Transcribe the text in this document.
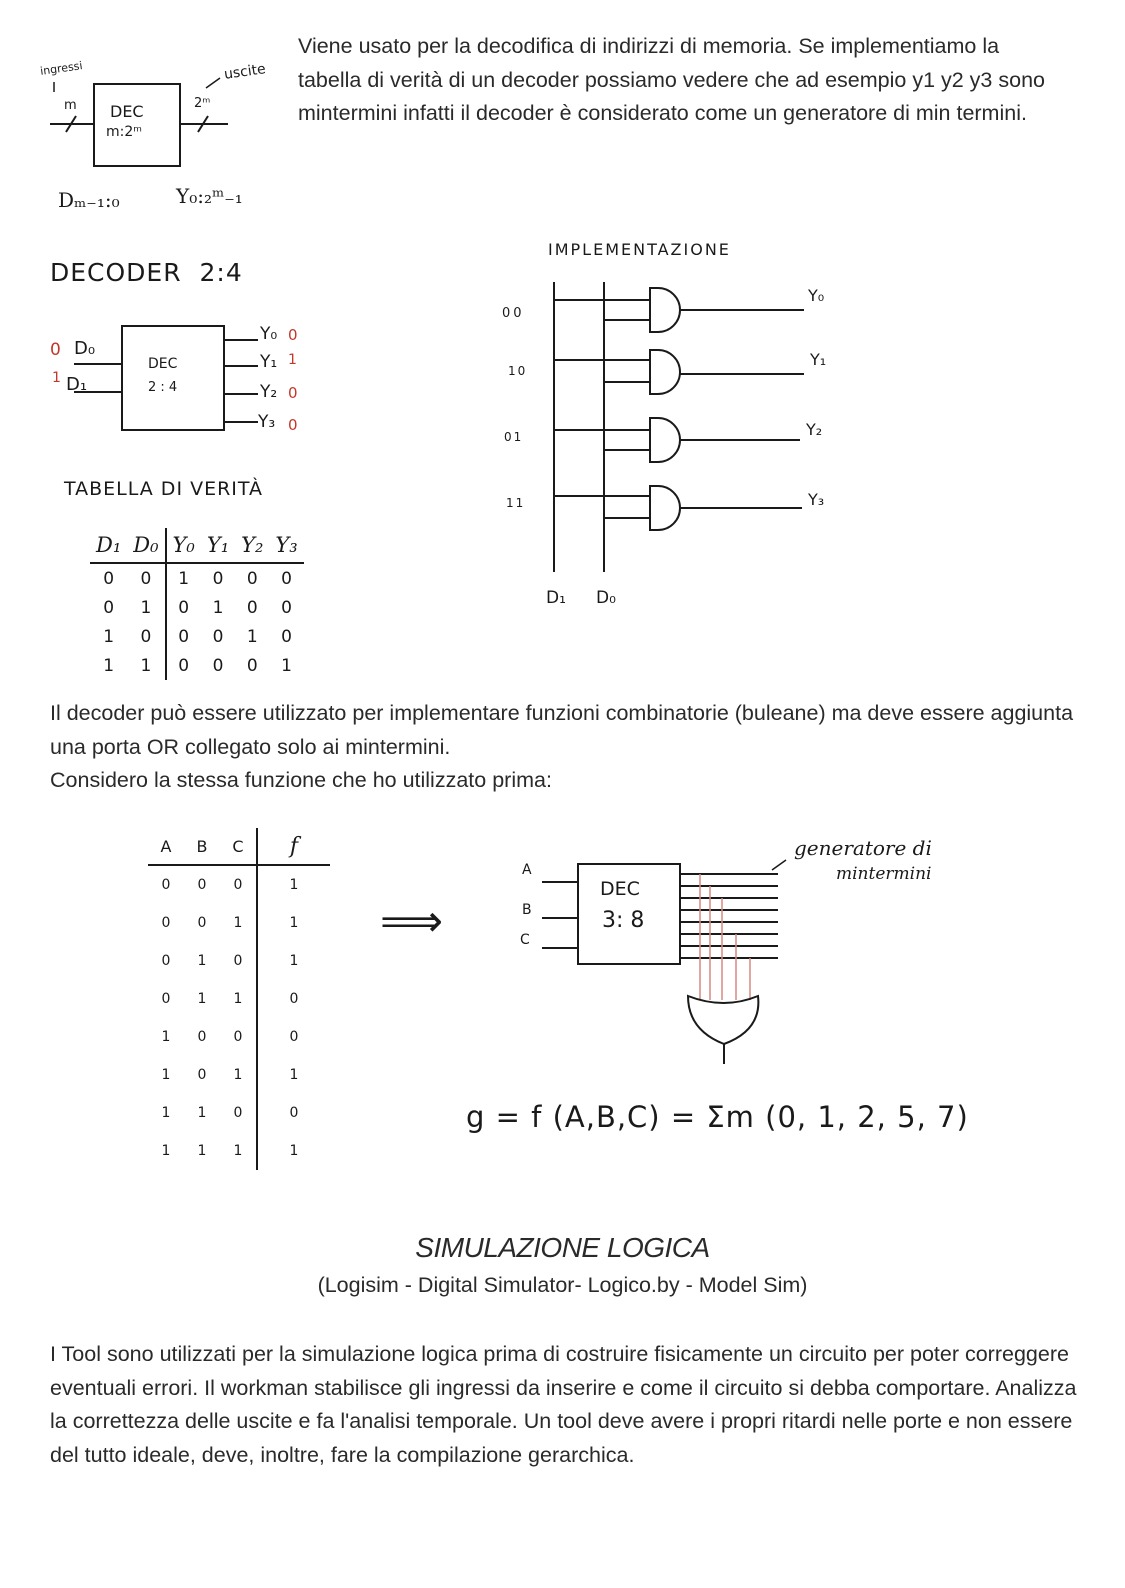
ingressi	uscite
m	2ᵐ
DEC
m:2ᵐ
Dₘ₋₁:₀	Y₀:₂ᵐ₋₁

Viene usato per la decodifica di indirizzi di memoria. Se implementiamo la tabella di verità di un decoder possiamo vedere che ad esempio y1 y2 y3 sono mintermini infatti il decoder è considerato come un generatore di min termini.

DECODER  2:4
DEC
2 : 4
0 D₀
1 D₁
Y₀ 0
Y₁ 1
Y₂ 0
Y₃ 0
TABELLA DI VERITÀ
D₁	D₀	Y₀	Y₁	Y₂	Y₃
0	0	1	0	0	0
0	1	0	1	0	0
1	0	0	0	1	0
1	1	0	0	0	1
IMPLEMENTAZIONE
00
10
01
11
Y₀
Y₁
Y₂
Y₃
D₁ D₀

Il decoder può essere utilizzato per implementare funzioni combinatorie (buleane) ma deve essere aggiunta una porta OR collegato solo ai mintermini.

Considero la stessa funzione che ho utilizzato prima:

A	B	C	f
0	0	0	1
0	0	1	1
0	1	0	1
0	1	1	0
1	0	0	0
1	0	1	1
1	1	0	0
1	1	1	1
⟹
DEC
3: 8
A
B
C
generatore di
mintermini
g = f (A,B,C) = Σm (0, 1, 2, 5, 7)
SIMULAZIONE LOGICA
(Logisim - Digital Simulator- Logico.by - Model Sim)

I Tool sono utilizzati per la simulazione logica prima di costruire fisicamente un circuito per poter correggere eventuali errori. Il workman stabilisce gli ingressi da inserire e come il circuito si debba comportare. Analizza la correttezza delle uscite e fa l'analisi temporale. Un tool deve avere i propri ritardi nelle porte e non essere del tutto ideale, deve, inoltre, fare la compilazione gerarchica.
